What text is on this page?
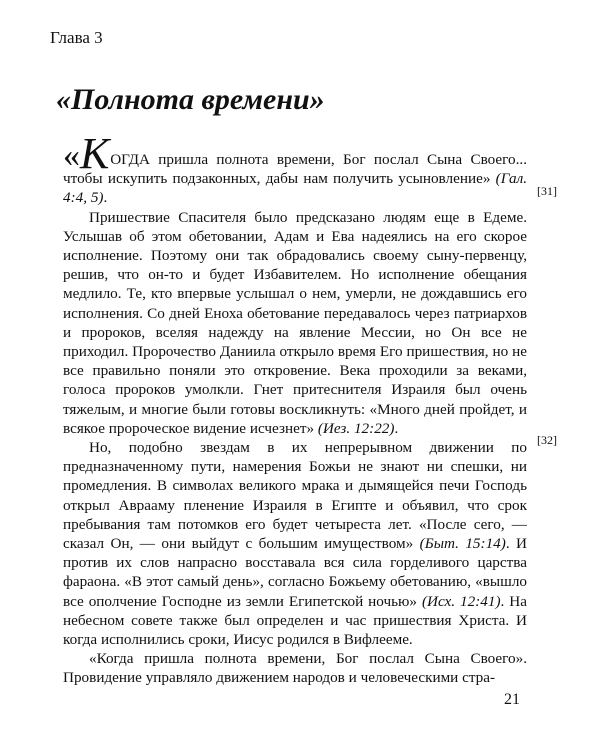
Глава 3
«Полнота времени»
[31]
[32]

«КОГДА пришла полнота времени, Бог послал Сына Своего... чтобы искупить подзаконных, дабы нам получить усыновление» (Гал. 4:4, 5).

Пришествие Спасителя было предсказано людям еще в Едеме. Услышав об этом обетовании, Адам и Ева надеялись на его скорое исполнение. Поэтому они так обрадовались своему сыну-первенцу, решив, что он-то и будет Избавителем. Но исполнение обещания медлило. Те, кто впервые услышал о нем, умерли, не дождавшись его исполнения. Со дней Еноха обетование передавалось через патриархов и пророков, вселяя надежду на явление Мессии, но Он все не приходил. Пророчество Даниила открыло время Его пришествия, но не все правильно поняли это откровение. Века проходили за веками, голоса пророков умолкли. Гнет притеснителя Израиля был очень тяжелым, и многие были готовы воскликнуть: «Много дней пройдет, и всякое пророческое видение исчезнет» (Иез. 12:22).

Но, подобно звездам в их непрерывном движении по предназначенному пути, намерения Божьи не знают ни спешки, ни промедления. В символах великого мрака и дымящейся печи Господь открыл Аврааму пленение Израиля в Египте и объявил, что срок пребывания там потомков его будет четыреста лет. «После сего, — сказал Он, — они выйдут с большим имуществом» (Быт. 15:14). И против их слов напрасно восставала вся сила горделивого царства фараона. «В этот самый день», согласно Божьему обетованию, «вышло все ополчение Господне из земли Египетской ночью» (Исх. 12:41). На небесном совете также был определен и час пришествия Христа. И когда исполнились сроки, Иисус родился в Вифлееме.

«Когда пришла полнота времени, Бог послал Сына Своего». Провидение управляло движением народов и человеческими стра-

21
